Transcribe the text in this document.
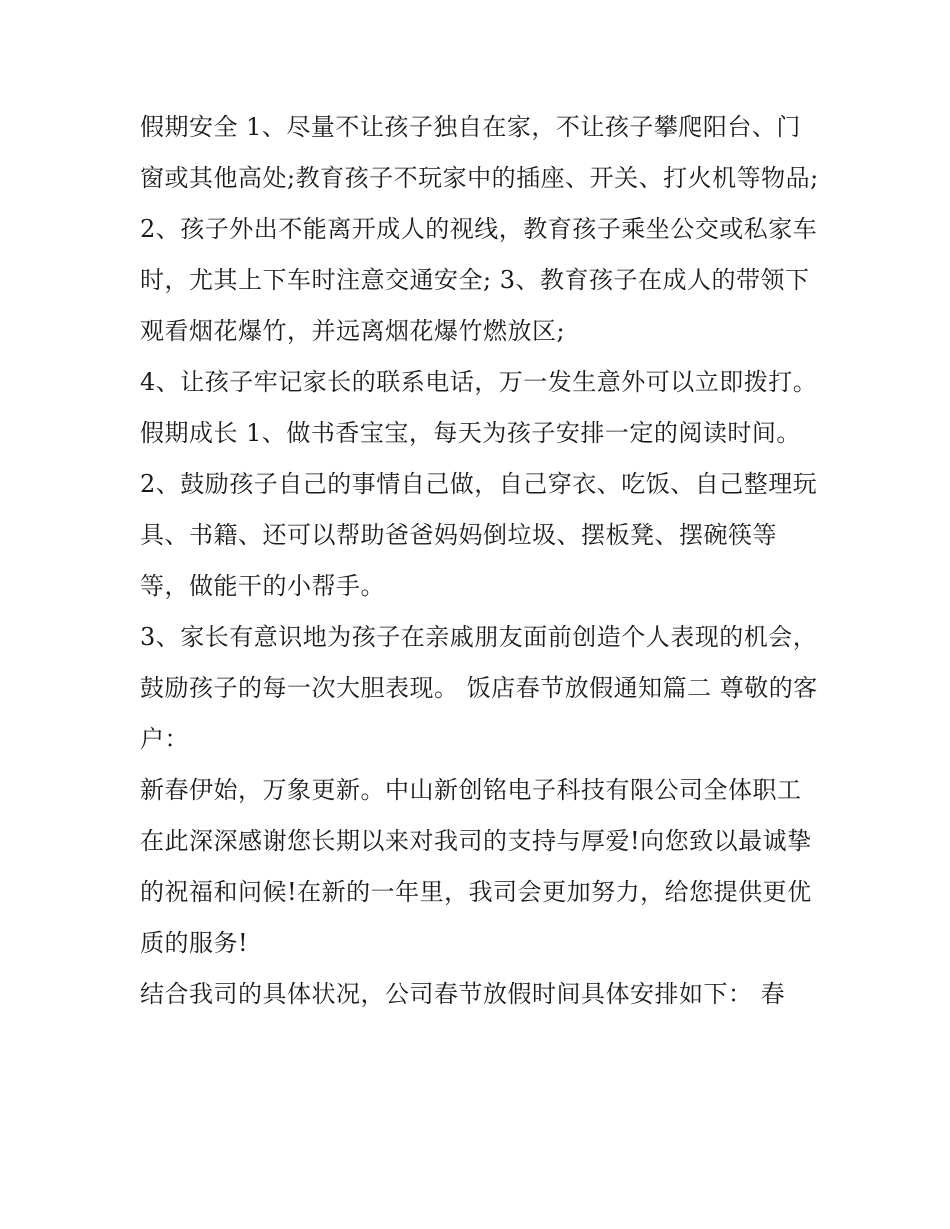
假期安全 1、尽量不让孩子独自在家，不让孩子攀爬阳台、门窗或其他高处;教育孩子不玩家中的插座、开关、打火机等物品;

2、孩子外出不能离开成人的视线，教育孩子乘坐公交或私家车时，尤其上下车时注意交通安全; 3、教育孩子在成人的带领下观看烟花爆竹，并远离烟花爆竹燃放区;

4、让孩子牢记家长的联系电话，万一发生意外可以立即拨打。 假期成长 1、做书香宝宝，每天为孩子安排一定的阅读时间。

2、鼓励孩子自己的事情自己做，自己穿衣、吃饭、自己整理玩具、书籍、还可以帮助爸爸妈妈倒垃圾、摆板凳、摆碗筷等等，做能干的小帮手。

3、家长有意识地为孩子在亲戚朋友面前创造个人表现的机会，鼓励孩子的每一次大胆表现。 饭店春节放假通知篇二 尊敬的客户：

新春伊始，万象更新。中山新创铭电子科技有限公司全体职工在此深深感谢您长期以来对我司的支持与厚爱!向您致以最诚挚的祝福和问候!在新的一年里，我司会更加努力，给您提供更优质的服务!

结合我司的具体状况，公司春节放假时间具体安排如下： 春
